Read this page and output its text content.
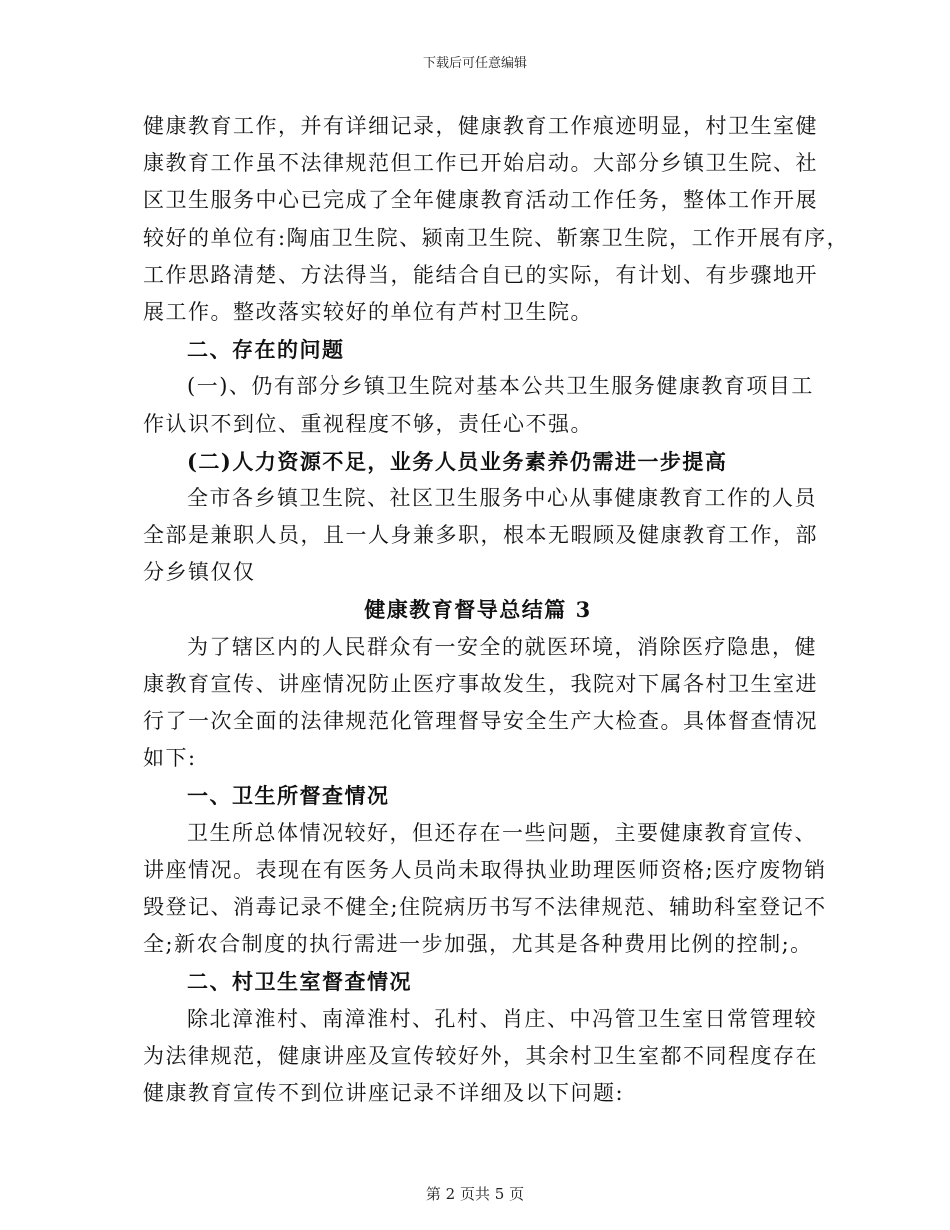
下载后可任意编辑
健康教育工作，并有详细记录，健康教育工作痕迹明显，村卫生室健
康教育工作虽不法律规范但工作已开始启动。大部分乡镇卫生院、社
区卫生服务中心已完成了全年健康教育活动工作任务，整体工作开展
较好的单位有:陶庙卫生院、颍南卫生院、靳寨卫生院，工作开展有序，
工作思路清楚、方法得当，能结合自已的实际，有计划、有步骤地开
展工作。整改落实较好的单位有芦村卫生院。
二、存在的问题
(一)、仍有部分乡镇卫生院对基本公共卫生服务健康教育项目工
作认识不到位、重视程度不够，责任心不强。
(二)人力资源不足，业务人员业务素养仍需进一步提高
全市各乡镇卫生院、社区卫生服务中心从事健康教育工作的人员
全部是兼职人员，且一人身兼多职，根本无暇顾及健康教育工作，部
分乡镇仅仅
健康教育督导总结篇 3
为了辖区内的人民群众有一安全的就医环境，消除医疗隐患，健
康教育宣传、讲座情况防止医疗事故发生，我院对下属各村卫生室进
行了一次全面的法律规范化管理督导安全生产大检查。具体督查情况
如下:
一、卫生所督查情况
卫生所总体情况较好，但还存在一些问题，主要健康教育宣传、
讲座情况。表现在有医务人员尚未取得执业助理医师资格;医疗废物销
毁登记、消毒记录不健全;住院病历书写不法律规范、辅助科室登记不
全;新农合制度的执行需进一步加强，尤其是各种费用比例的控制;。
二、村卫生室督查情况
除北漳淮村、南漳淮村、孔村、肖庄、中冯管卫生室日常管理较
为法律规范，健康讲座及宣传较好外，其余村卫生室都不同程度存在
健康教育宣传不到位讲座记录不详细及以下问题:
第 2 页共 5 页
